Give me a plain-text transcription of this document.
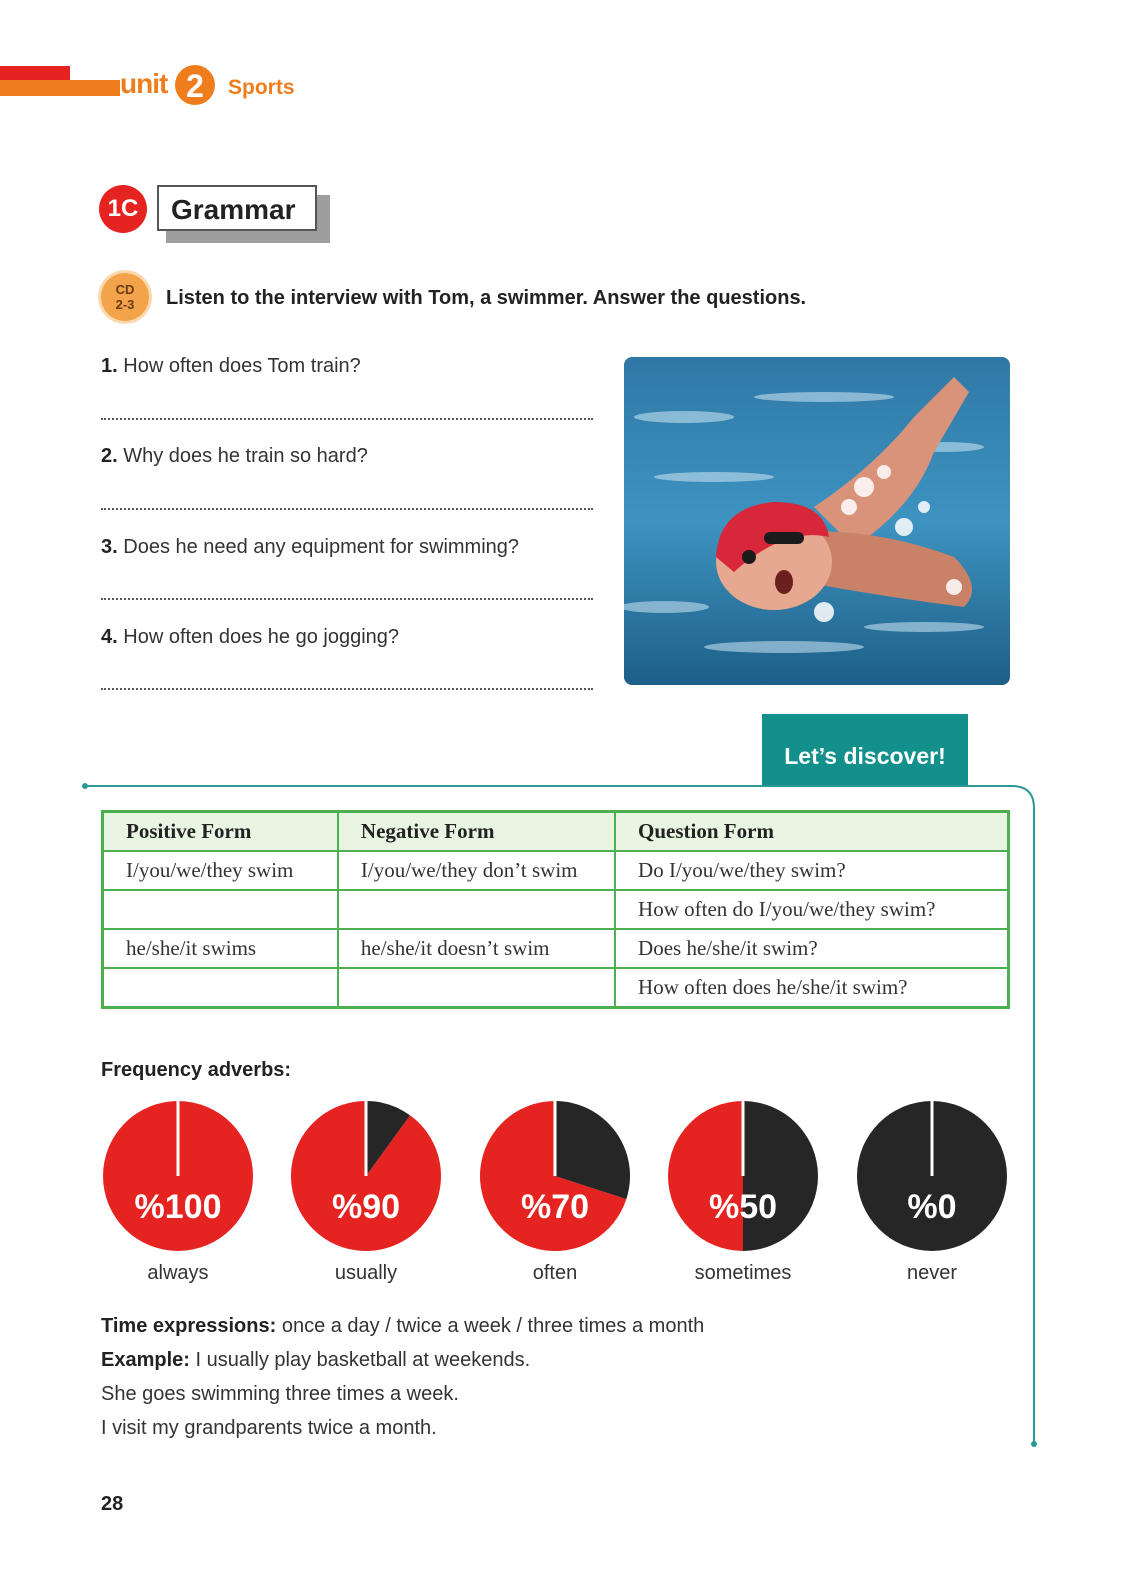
unit 2	Sports
1C	Grammar
CD
2-3	Listen to the interview with Tom, a swimmer. Answer the questions.
1. How often does Tom train?
2. Why does he train so hard?
3. Does he need any equipment for swimming?
4. How often does he go jogging?
Let’s discover!
Positive Form	Negative Form	Question Form
I/you/we/they swim	I/you/we/they don’t swim	Do I/you/we/they swim?
		How often do I/you/we/they swim?
he/she/it swims	he/she/it doesn’t swim	Does he/she/it swim?
		How often does he/she/it swim?
Frequency adverbs:
%100	%90	%70	%50	%0
always	usually	often	sometimes	never
Time expressions: once a day / twice a week / three times a month
Example: I usually play basketball at weekends.
She goes swimming three times a week.
I visit my grandparents twice a month.
28
